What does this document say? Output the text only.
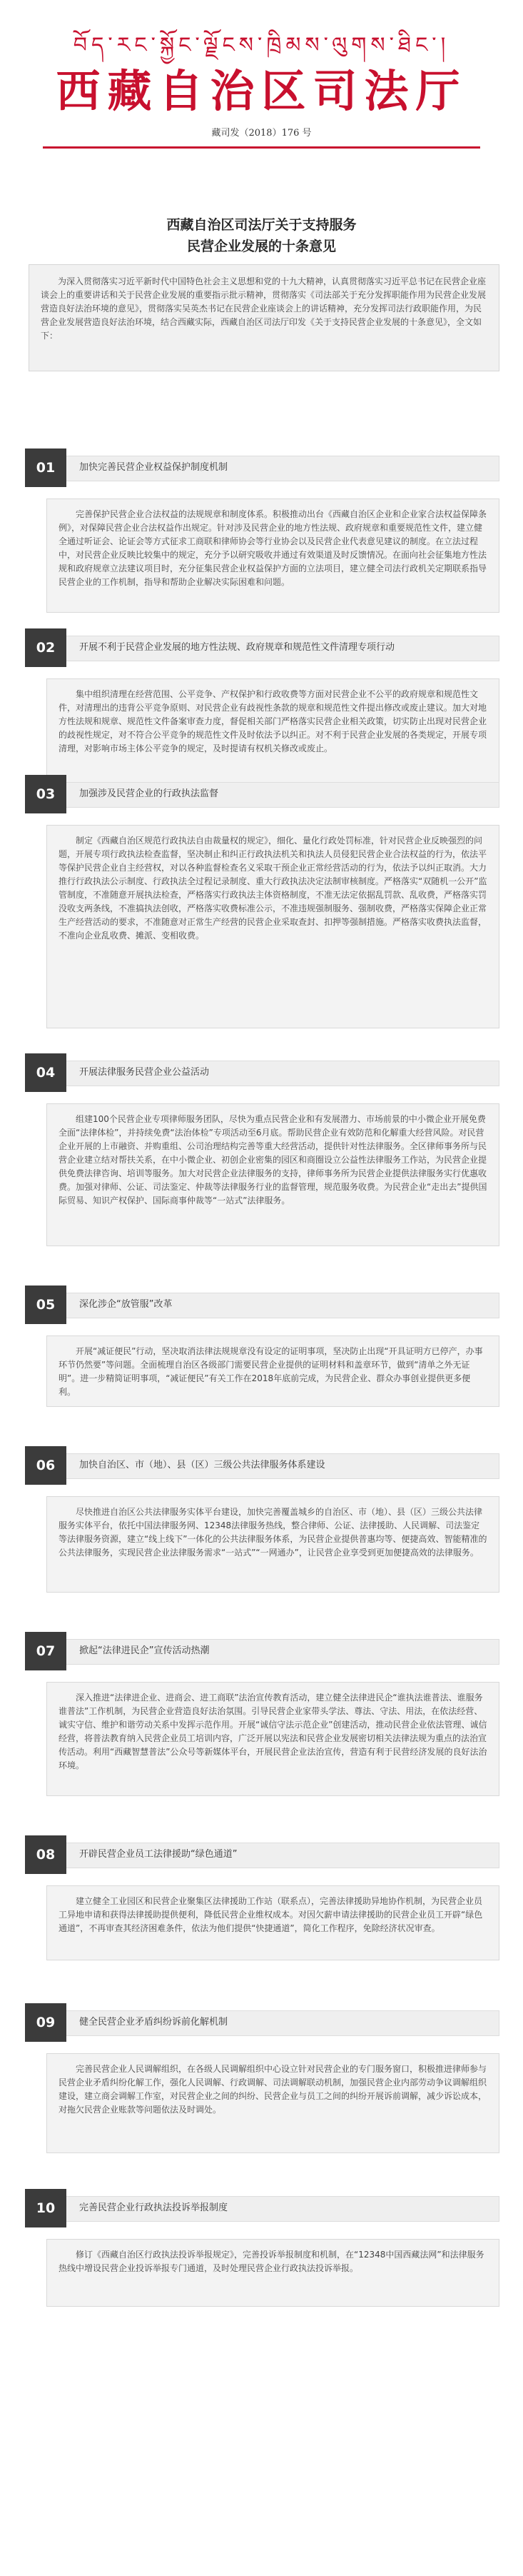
བོད་རང་སྐྱོང་ལྗོངས་ཁྲིམས་ལུགས་ཐིང་།
西藏自治区司法厅
藏司发（2018）176 号
西藏自治区司法厅关于支持服务
民营企业发展的十条意见
为深入贯彻落实习近平新时代中国特色社会主义思想和党的十九大精神，认真贯彻落实习近平总书记在民营企业座谈会上的重要讲话和关于民营企业发展的重要指示批示精神，贯彻落实《司法部关于充分发挥职能作用为民营企业发展营造良好法治环境的意见》，贯彻落实吴英杰书记在民营企业座谈会上的讲话精神，充分发挥司法行政职能作用，为民营企业发展营造良好法治环境，结合西藏实际，西藏自治区司法厅印发《关于支持民营企业发展的十条意见》，全文如下：
01	加快完善民营企业权益保护制度机制
完善保护民营企业合法权益的法规规章和制度体系。积极推动出台《西藏自治区企业和企业家合法权益保障条例》，对保障民营企业合法权益作出规定。针对涉及民营企业的地方性法规、政府规章和重要规范性文件，建立健全通过听证会、论证会等方式征求工商联和律师协会等行业协会以及民营企业代表意见建议的制度。在立法过程中，对民营企业反映比较集中的规定，充分予以研究吸收并通过有效渠道及时反馈情况。在面向社会征集地方性法规和政府规章立法建议项目时，充分征集民营企业权益保护方面的立法项目，建立健全司法行政机关定期联系指导民营企业的工作机制，指导和帮助企业解决实际困难和问题。
02	开展不利于民营企业发展的地方性法规、政府规章和规范性文件清理专项行动
集中组织清理在经营范围、公平竞争、产权保护和行政收费等方面对民营企业不公平的政府规章和规范性文件，对清理出的违背公平竞争原则、对民营企业有歧视性条款的规章和规范性文件提出修改或废止建议。加大对地方性法规和规章、规范性文件备案审查力度，督促相关部门严格落实民营企业相关政策，切实防止出现对民营企业的歧视性规定，对不符合公平竞争的规范性文件及时依法予以纠正。对不利于民营企业发展的各类规定，开展专项清理，对影响市场主体公平竞争的规定，及时提请有权机关修改或废止。
03	加强涉及民营企业的行政执法监督
制定《西藏自治区规范行政执法自由裁量权的规定》，细化、量化行政处罚标准，针对民营企业反映强烈的问题，开展专项行政执法检查监督，坚决制止和纠正行政执法机关和执法人员侵犯民营企业合法权益的行为，依法平等保护民营企业自主经营权，对以各种监督检查名义采取干预企业正常经营活动的行为，依法予以纠正取消。大力推行行政执法公示制度、行政执法全过程记录制度、重大行政执法决定法制审核制度。严格落实“双随机一公开”监管制度，不准随意开展执法检查，严格落实行政执法主体资格制度，不准无法定依据乱罚款、乱收费，严格落实罚没收支两条线，不准搞执法创收，严格落实收费标准公示，不准违规强制服务、强制收费，严格落实保障企业正常生产经营活动的要求，不准随意对正常生产经营的民营企业采取查封、扣押等强制措施。严格落实收费执法监督，不准向企业乱收费、摊派、变相收费。
04	开展法律服务民营企业公益活动
组建100个民营企业专项律师服务团队，尽快为重点民营企业和有发展潜力、市场前景的中小微企业开展免费全面“法律体检”，并持续免费“法治体检”专项活动至6月底。帮助民营企业有效防范和化解重大经营风险。对民营企业开展的上市融资、并购重组、公司治理结构完善等重大经营活动，提供针对性法律服务。全区律师事务所与民营企业建立结对帮扶关系，在中小微企业、初创企业密集的园区和商圈设立公益性法律服务工作站，为民营企业提供免费法律咨询、培训等服务。加大对民营企业法律服务的支持，律师事务所为民营企业提供法律服务实行优惠收费。加强对律师、公证、司法鉴定、仲裁等法律服务行业的监督管理，规范服务收费。为民营企业“走出去”提供国际贸易、知识产权保护、国际商事仲裁等“一站式”法律服务。
05	深化涉企“放管服”改革
开展“减证便民”行动，坚决取消法律法规规章没有设定的证明事项，坚决防止出现“开具证明方已停产，办事环节仍然要”等问题。全面梳理自治区各级部门需要民营企业提供的证明材料和盖章环节，做到“清单之外无证明”。进一步精简证明事项，“减证便民”有关工作在2018年底前完成，为民营企业、群众办事创业提供更多便利。
06	加快自治区、市（地）、县（区）三级公共法律服务体系建设
尽快推进自治区公共法律服务实体平台建设，加快完善覆盖城乡的自治区、市（地）、县（区）三级公共法律服务实体平台，依托中国法律服务网、12348法律服务热线，整合律师、公证、法律援助、人民调解、司法鉴定等法律服务资源，建立“线上线下”一体化的公共法律服务体系，为民营企业提供普惠均等、便捷高效、智能精准的公共法律服务，实现民营企业法律服务需求“一站式”“一网通办”，让民营企业享受到更加便捷高效的法律服务。
07	掀起“法律进民企”宣传活动热潮
深入推进“法律进企业、进商会、进工商联”法治宣传教育活动，建立健全法律进民企“谁执法谁普法、谁服务谁普法”工作机制，为民营企业营造良好法治氛围。引导民营企业家带头学法、尊法、守法、用法，在依法经营、诚实守信、维护和谐劳动关系中发挥示范作用。开展“诚信守法示范企业”创建活动，推动民营企业依法管理、诚信经营，将普法教育纳入民营企业员工培训内容，广泛开展以宪法和民营企业发展密切相关法律法规为重点的法治宣传活动。利用“西藏智慧普法”公众号等新媒体平台，开展民营企业法治宣传，营造有利于民营经济发展的良好法治环境。
08	开辟民营企业员工法律援助“绿色通道”
建立健全工业园区和民营企业聚集区法律援助工作站（联系点），完善法律援助异地协作机制，为民营企业员工异地申请和获得法律援助提供便利，降低民营企业维权成本。对因欠薪申请法律援助的民营企业员工开辟“绿色通道”，不再审查其经济困难条件，依法为他们提供“快捷通道”，简化工作程序，免除经济状况审查。
09	健全民营企业矛盾纠纷诉前化解机制
完善民营企业人民调解组织，在各级人民调解组织中心设立针对民营企业的专门服务窗口，积极推进律师参与民营企业矛盾纠纷化解工作，强化人民调解、行政调解、司法调解联动机制，加强民营企业内部劳动争议调解组织建设，建立商会调解工作室，对民营企业之间的纠纷、民营企业与员工之间的纠纷开展诉前调解，减少诉讼成本，对拖欠民营企业账款等问题依法及时调处。
10	完善民营企业行政执法投诉举报制度
修订《西藏自治区行政执法投诉举报规定》，完善投诉举报制度和机制，在“12348中国西藏法网”和法律服务热线中增设民营企业投诉举报专门通道，及时处理民营企业行政执法投诉举报。
